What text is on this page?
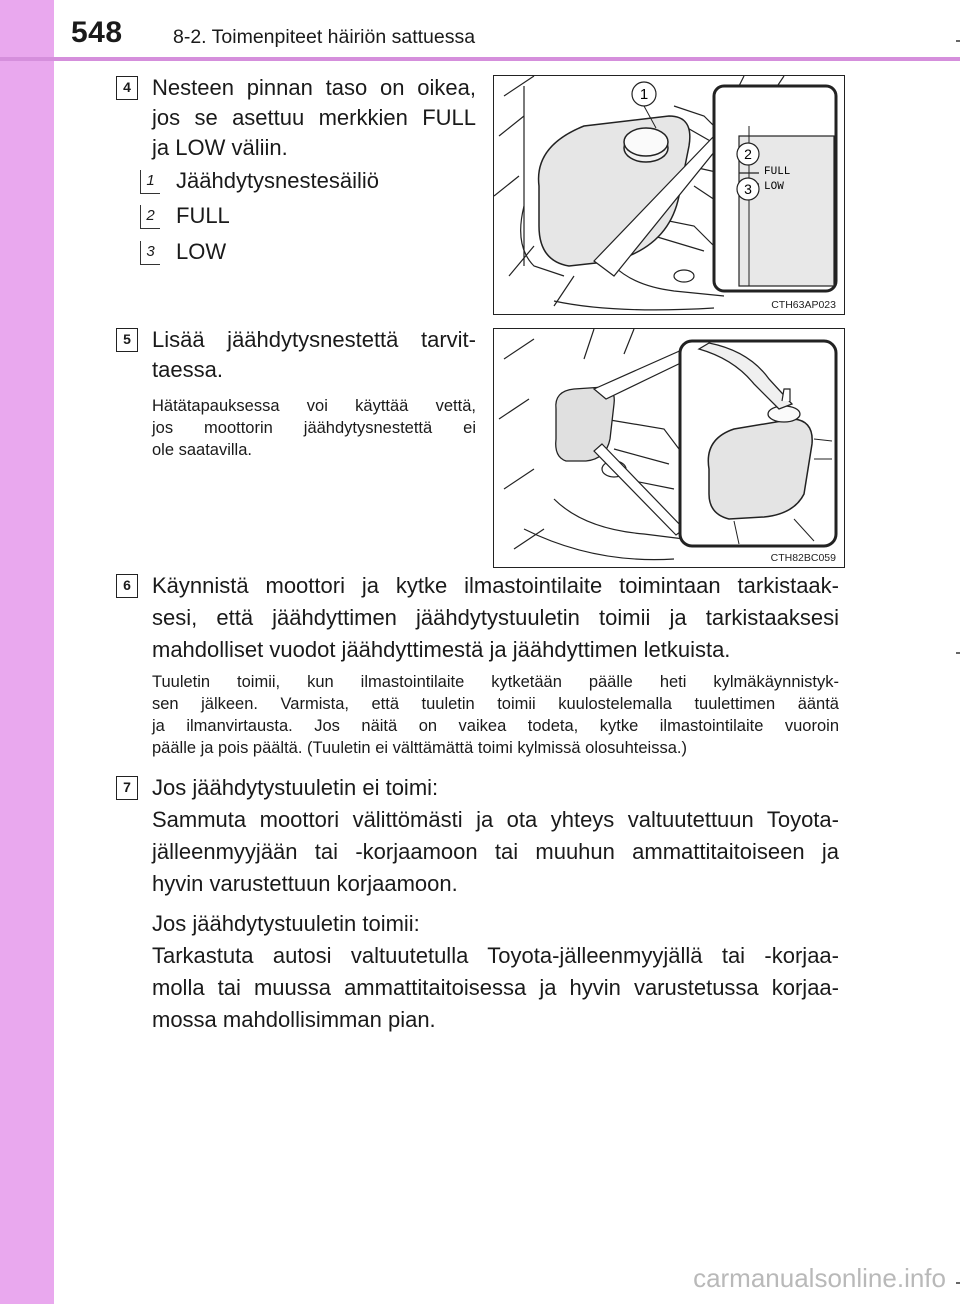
548	8-2. Toimenpiteet häiriön sattuessa
4 Nesteen pinnan taso on oikea,
jos se asettuu merkkien FULL
ja LOW väliin.
1 Jäähdytysnestesäiliö
2 FULL
3 LOW
1
FULL
LOW
2
3
CTH63AP023
5 Lisää jäähdytysnestettä tarvit-
taessa.
Hätätapauksessa voi käyttää vettä,
jos moottorin jäähdytysnestettä ei
ole saatavilla.
CTH82BC059
6 Käynnistä moottori ja kytke ilmastointilaite toimintaan tarkistaak-
sesi, että jäähdyttimen jäähdytystuuletin toimii ja tarkistaaksesi
mahdolliset vuodot jäähdyttimestä ja jäähdyttimen letkuista.
Tuuletin toimii, kun ilmastointilaite kytketään päälle heti kylmäkäynnistyk-
sen jälkeen. Varmista, että tuuletin toimii kuulostelemalla tuulettimen ääntä
ja ilmanvirtausta. Jos näitä on vaikea todeta, kytke ilmastointilaite vuoroin
päälle ja pois päältä. (Tuuletin ei välttämättä toimi kylmissä olosuhteissa.)
7 Jos jäähdytystuuletin ei toimi:
Sammuta moottori välittömästi ja ota yhteys valtuutettuun Toyota-
jälleenmyyjään tai -korjaamoon tai muuhun ammattitaitoiseen ja
hyvin varustettuun korjaamoon.
Jos jäähdytystuuletin toimii:
Tarkastuta autosi valtuutetulla Toyota-jälleenmyyjällä tai -korjaa-
molla tai muussa ammattitaitoisessa ja hyvin varustetussa korjaa-
mossa mahdollisimman pian.
carmanualsonline.info
